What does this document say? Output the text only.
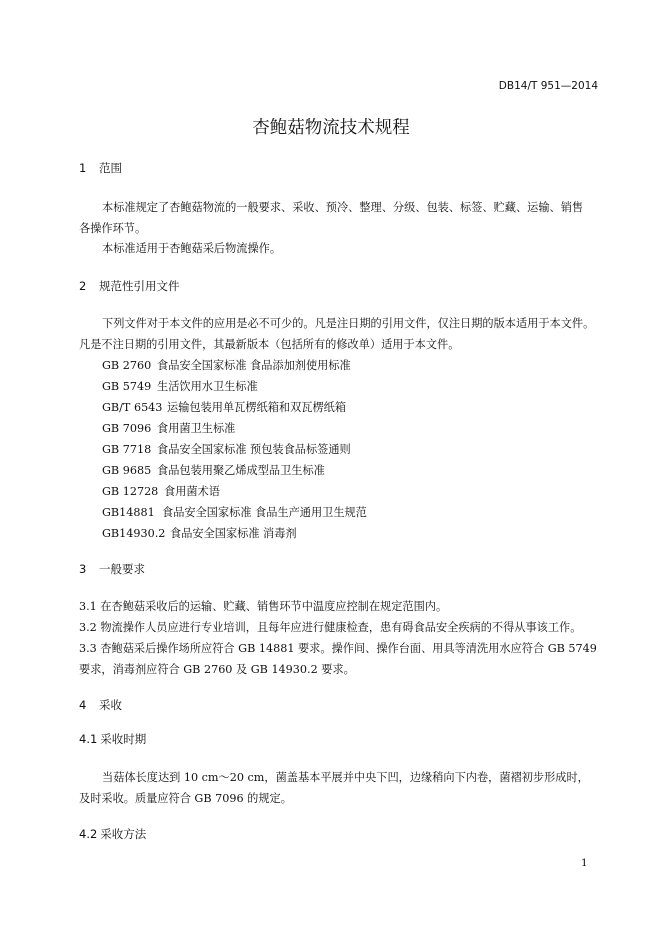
DB14/T 951—2014
杏鲍菇物流技术规程
1 范围
本标准规定了杏鲍菇物流的一般要求、采收、预冷、整理、分级、包装、标签、贮藏、运输、销售
各操作环节。
本标准适用于杏鲍菇采后物流操作。
2 规范性引用文件
下列文件对于本文件的应用是必不可少的。凡是注日期的引用文件，仅注日期的版本适用于本文件。
凡是不注日期的引用文件，其最新版本（包括所有的修改单）适用于本文件。
GB 2760 食品安全国家标准 食品添加剂使用标准
GB 5749 生活饮用水卫生标准
GB/T 6543 运输包装用单瓦楞纸箱和双瓦楞纸箱
GB 7096 食用菌卫生标准
GB 7718 食品安全国家标准 预包装食品标签通则
GB 9685 食品包装用聚乙烯成型品卫生标准
GB 12728 食用菌术语
GB14881 食品安全国家标准 食品生产通用卫生规范
GB14930.2 食品安全国家标准 消毒剂
3 一般要求
3.1 在杏鲍菇采收后的运输、贮藏、销售环节中温度应控制在规定范围内。
3.2 物流操作人员应进行专业培训，且每年应进行健康检查，患有碍食品安全疾病的不得从事该工作。
3.3 杏鲍菇采后操作场所应符合 GB 14881 要求。操作间、操作台面、用具等清洗用水应符合 GB 5749
要求，消毒剂应符合 GB 2760 及 GB 14930.2 要求。
4 采收
4.1 采收时期
当菇体长度达到 10 cm～20 cm，菌盖基本平展并中央下凹，边缘稍向下内卷，菌褶初步形成时，
及时采收。质量应符合 GB 7096 的规定。
4.2 采收方法
1
